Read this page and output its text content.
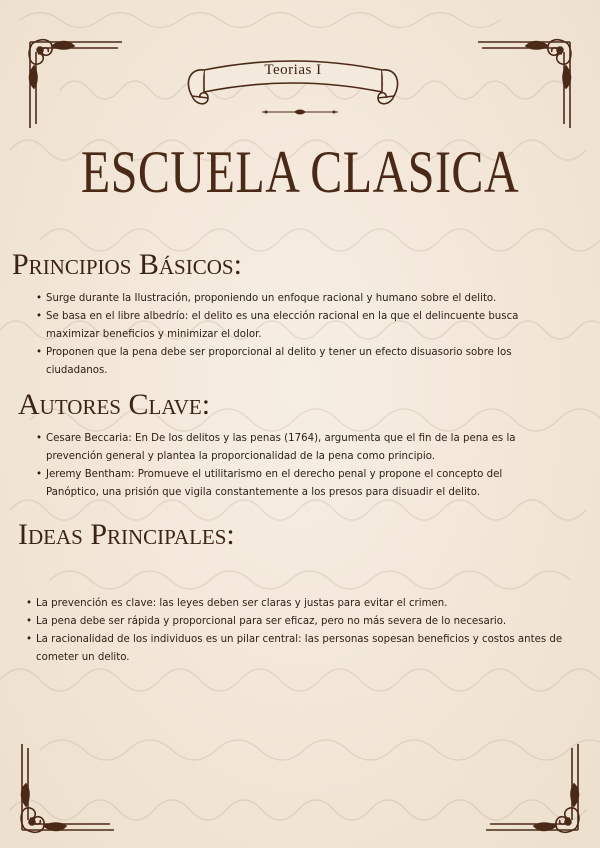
Teorias I
ESCUELA CLASICA
Principios Básicos:
• Surge durante la Ilustración, proponiendo un enfoque racional y humano sobre el delito.
• Se basa en el libre albedrío: el delito es una elección racional en la que el delincuente busca maximizar beneficios y minimizar el dolor.
• Proponen que la pena debe ser proporcional al delito y tener un efecto disuasorio sobre los ciudadanos.
Autores Clave:
• Cesare Beccaria: En De los delitos y las penas (1764), argumenta que el fin de la pena es la prevención general y plantea la proporcionalidad de la pena como principio.
• Jeremy Bentham: Promueve el utilitarismo en el derecho penal y propone el concepto del Panóptico, una prisión que vigila constantemente a los presos para disuadir el delito.
Ideas Principales:
• La prevención es clave: las leyes deben ser claras y justas para evitar el crimen.
• La pena debe ser rápida y proporcional para ser eficaz, pero no más severa de lo necesario.
• La racionalidad de los individuos es un pilar central: las personas sopesan beneficios y costos antes de cometer un delito.
